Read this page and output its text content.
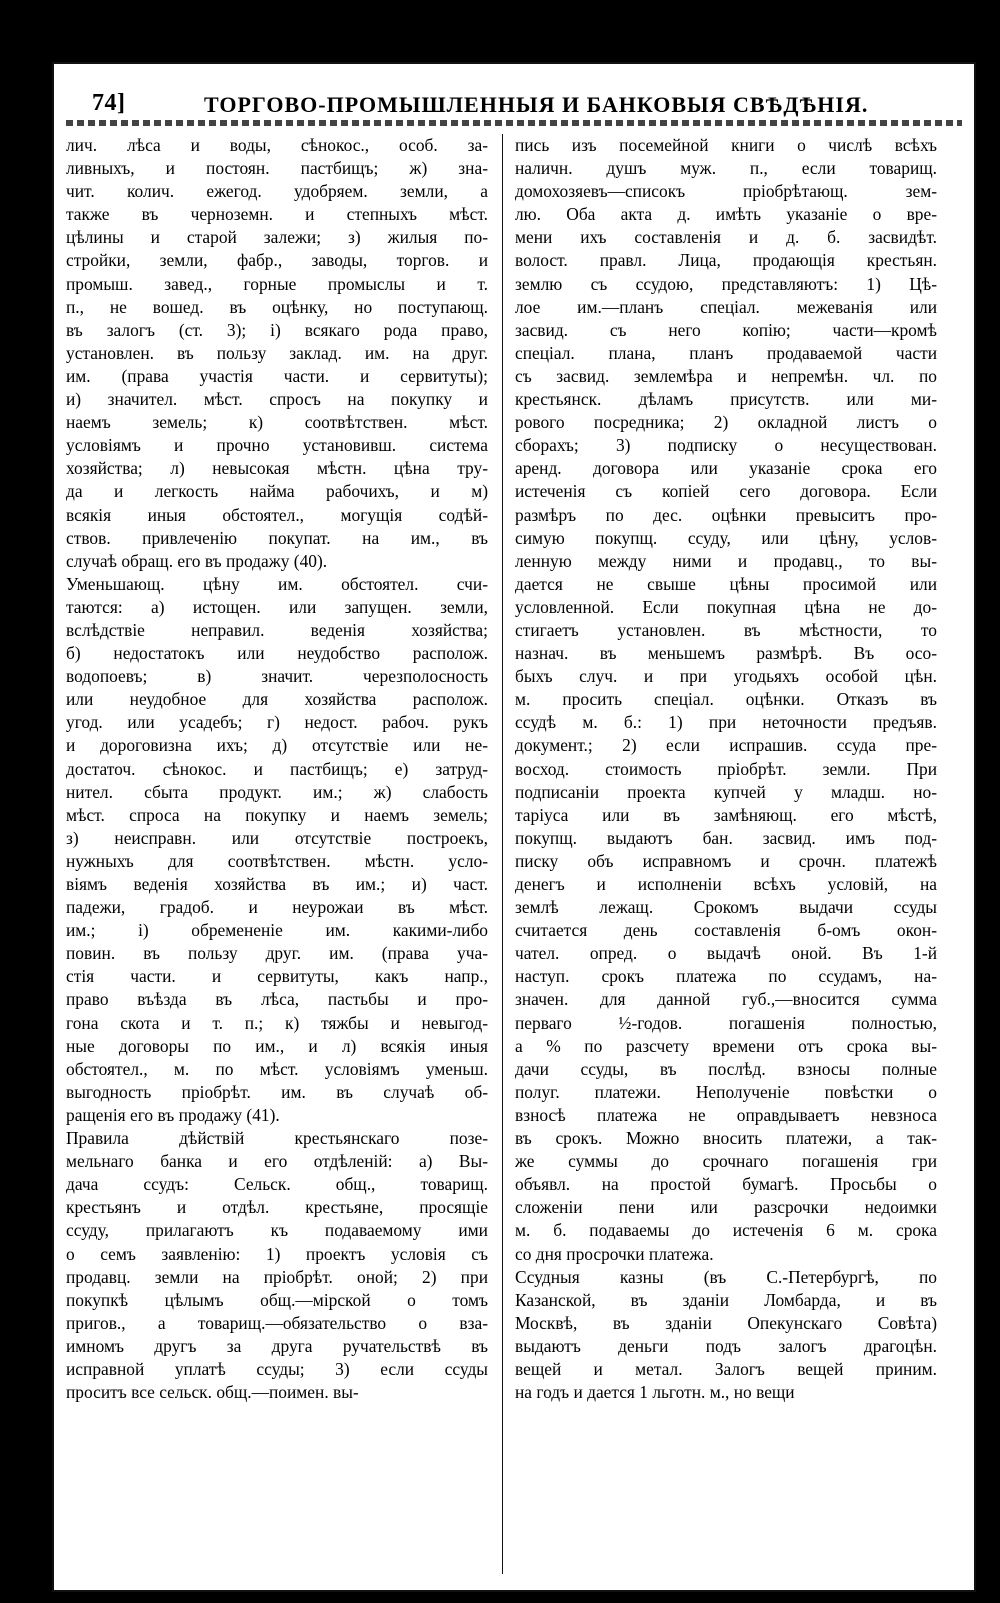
74]	ТОРГОВО-ПРОМЫШЛЕННЫЯ И БАНКОВЫЯ СВѢДѢНІЯ.
лич. лѣса и воды, сѣнокос., особ. за-
ливныхъ, и постоян. пастбищъ; ж) зна-
чит. колич. ежегод. удобряем. земли, а
также въ черноземн. и степныхъ мѣст.
цѣлины и старой залежи; з) жилыя по-
стройки, земли, фабр., заводы, торгов. и
промыш. завед., горные промыслы и т.
п., не вошед. въ оцѣнку, но поступающ.
въ залогъ (ст. 3); і) всякаго рода право,
установлен. въ пользу заклад. им. на друг.
им. (права участія части. и сервитуты);
и) значител. мѣст. спросъ на покупку и
наемъ земель; к) соотвѣтствен. мѣст.
условіямъ и прочно установивш. система
хозяйства; л) невысокая мѣстн. цѣна тру-
да и легкость найма рабочихъ, и м)
всякія иныя обстоятел., могущія содѣй-
ствов. привлеченію покупат. на им., въ
случаѣ обращ. его въ продажу (40).
Уменьшающ. цѣну им. обстоятел. счи-
таются: а) истощен. или запущен. земли,
вслѣдствіе неправил. веденія хозяйства;
б) недостатокъ или неудобство располож.
водопоевъ; в) значит. черезполосность
или неудобное для хозяйства располож.
угод. или усадебъ; г) недост. рабоч. рукъ
и дороговизна ихъ; д) отсутствіе или не-
достаточ. сѣнокос. и пастбищъ; е) затруд-
нител. сбыта продукт. им.; ж) слабость
мѣст. спроса на покупку и наемъ земель;
з) неисправн. или отсутствіе построекъ,
нужныхъ для соотвѣтствен. мѣстн. усло-
віямъ веденія хозяйства въ им.; и) част.
падежи, градоб. и неурожаи въ мѣст.
им.; і) обремененіе им. какими-либо
повин. въ пользу друг. им. (права уча-
стія части. и сервитуты, какъ напр.,
право въѣзда въ лѣса, пастьбы и про-
гона скота и т. п.; к) тяжбы и невыгод-
ные договоры по им., и л) всякія иныя
обстоятел., м. по мѣст. условіямъ уменьш.
выгодность пріобрѣт. им. въ случаѣ об-
ращенія его въ продажу (41).
Правила дѣйствій крестьянскаго позе-
мельнаго банка и его отдѣленій: а) Вы-
дача ссудъ: Сельск. общ., товарищ.
крестьянъ и отдѣл. крестьяне, просящіе
ссуду, прилагаютъ къ подаваемому ими
о семъ заявленію: 1) проектъ условія съ
продавц. земли на пріобрѣт. оной; 2) при
покупкѣ цѣлымъ общ.—мірской о томъ
пригов., а товарищ.—обязательство о вза-
имномъ другъ за друга ручательствѣ въ
исправной уплатѣ ссуды; 3) если ссуды
проситъ все сельск. общ.—поимен. вы-
пись изъ посемейной книги о числѣ всѣхъ
наличн. душъ муж. п., если товарищ.
домохозяевъ—списокъ пріобрѣтающ. зем-
лю. Оба акта д. имѣть указаніе о вре-
мени ихъ составленія и д. б. засвидѣт.
волост. правл. Лица, продающія крестьян.
землю съ ссудою, представляютъ: 1) Цѣ-
лое им.—планъ спеціал. межеванія или
засвид. съ него копію; части—кромѣ
спеціал. плана, планъ продаваемой части
съ засвид. землемѣра и непремѣн. чл. по
крестьянск. дѣламъ присутств. или ми-
рового посредника; 2) окладной листъ о
сборахъ; 3) подписку о несуществован.
аренд. договора или указаніе срока его
истеченія съ копіей сего договора. Если
размѣръ по дес. оцѣнки превыситъ про-
симую покупщ. ссуду, или цѣну, услов-
ленную между ними и продавц., то вы-
дается не свыше цѣны просимой или
условленной. Если покупная цѣна не до-
стигаетъ установлен. въ мѣстности, то
назнач. въ меньшемъ размѣрѣ. Въ осо-
быхъ случ. и при угодьяхъ особой цѣн.
м. просить спеціал. оцѣнки. Отказъ въ
ссудѣ м. б.: 1) при неточности предъяв.
документ.; 2) если испрашив. ссуда пре-
восход. стоимость пріобрѣт. земли. При
подписаніи проекта купчей у младш. но-
таріуса или въ замѣняющ. его мѣстѣ,
покупщ. выдаютъ бан. засвид. имъ под-
писку объ исправномъ и срочн. платежѣ
денегъ и исполненіи всѣхъ условій, на
землѣ лежащ. Срокомъ выдачи ссуды
считается день составленія б-омъ окон-
чател. опред. о выдачѣ оной. Въ 1-й
наступ. срокъ платежа по ссудамъ, на-
значен. для данной губ.,—вносится сумма
перваго ½-годов. погашенія полностью,
а % по разсчету времени отъ срока вы-
дачи ссуды, въ послѣд. взносы полные
полуг. платежи. Неполученіе повѣстки о
взносѣ платежа не оправдываетъ невзноса
въ срокъ. Можно вносить платежи, а так-
же суммы до срочнаго погашенія гри
объявл. на простой бумагѣ. Просьбы о
сложеніи пени или разсрочки недоимки
м. б. подаваемы до истеченія 6 м. срока
со дня просрочки платежа.
Ссудныя казны (въ С.-Петербургѣ, по
Казанской, въ зданіи Ломбарда, и въ
Москвѣ, въ зданіи Опекунскаго Совѣта)
выдаютъ деньги подъ залогъ драгоцѣн.
вещей и метал. Залогъ вещей приним.
на годъ и дается 1 льготн. м., но вещи
